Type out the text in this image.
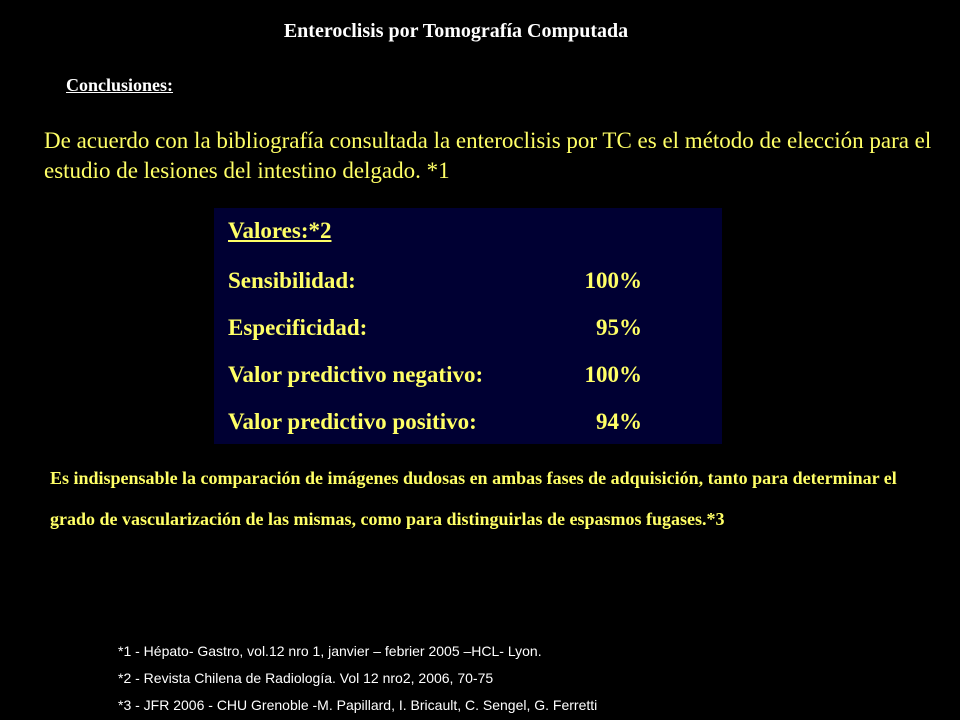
Enteroclisis por Tomografía Computada
Conclusiones:
De acuerdo con la bibliografía consultada la enteroclisis por TC es el método de elección para el estudio de lesiones del intestino delgado. *1
Valores:*2
Sensibilidad:	100%
Especificidad:	95%
Valor predictivo negativo:	100%
Valor predictivo positivo:	94%
Es indispensable la comparación de imágenes dudosas en ambas fases de adquisición, tanto para determinar el grado de vascularización de las mismas, como para distinguirlas de espasmos fugases.*3
*1 - Hépato- Gastro, vol.12 nro 1, janvier – febrier 2005 –HCL- Lyon.
*2 - Revista Chilena de Radiología. Vol 12 nro2, 2006, 70-75
*3 - JFR 2006 - CHU Grenoble -M. Papillard, I. Bricault, C. Sengel, G. Ferretti
